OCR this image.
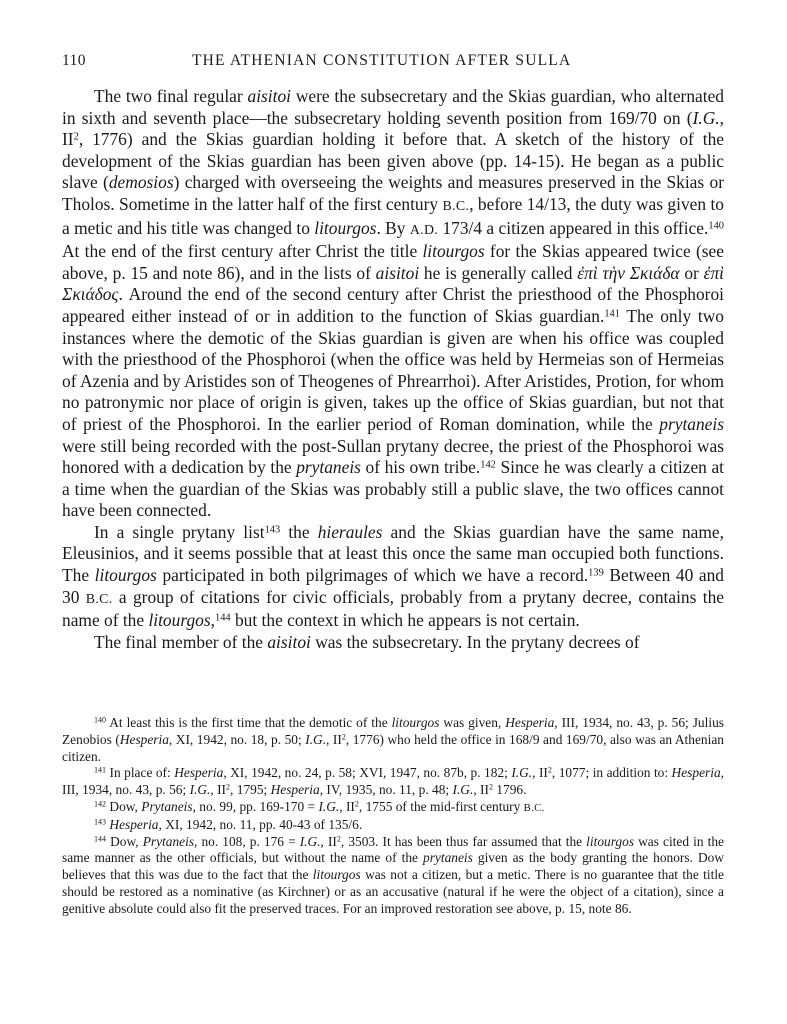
110	THE ATHENIAN CONSTITUTION AFTER SULLA

The two final regular aisitoi were the subsecretary and the Skias guardian, who alternated in sixth and seventh place—the subsecretary holding seventh position from 169/70 on (I.G., $II^2$, 1776) and the Skias guardian holding it before that. A sketch of the history of the development of the Skias guardian has been given above (pp. 14-15). He began as a public slave (demosios) charged with overseeing the weights and measures preserved in the Skias or Tholos. Sometime in the latter half of the first century B.C., before 14/13, the duty was given to a metic and his title was changed to litourgos. By A.D. 173/4 a citizen appeared in this office.$^{140}$ At the end of the first century after Christ the title litourgos for the Skias appeared twice (see above, p. 15 and note 86), and in the lists of aisitoi he is generally called ἐπὶ τὴν Σκιάδα or ἐπὶ Σκιάδος. Around the end of the second century after Christ the priesthood of the Phosphoroi appeared either instead of or in addition to the function of Skias guardian.$^{141}$ The only two instances where the demotic of the Skias guardian is given are when his office was coupled with the priesthood of the Phosphoroi (when the office was held by Hermeias son of Hermeias of Azenia and by Aristides son of Theogenes of Phrearrhoi). After Aristides, Protion, for whom no patronymic nor place of origin is given, takes up the office of Skias guardian, but not that of priest of the Phosphoroi. In the earlier period of Roman domination, while the prytaneis were still being recorded with the post-Sullan prytany decree, the priest of the Phosphoroi was honored with a dedication by the prytaneis of his own tribe.$^{142}$ Since he was clearly a citizen at a time when the guardian of the Skias was probably still a public slave, the two offices cannot have been connected.

In a single prytany list$^{143}$ the hieraules and the Skias guardian have the same name, Eleusinios, and it seems possible that at least this once the same man occupied both functions. The litourgos participated in both pilgrimages of which we have a record.$^{139}$ Between 40 and 30 B.C. a group of citations for civic officials, probably from a prytany decree, contains the name of the litourgos,$^{144}$ but the context in which he appears is not certain.

The final member of the aisitoi was the subsecretary. In the prytany decrees of

$^{140}$ At least this is the first time that the demotic of the litourgos was given, Hesperia, III, 1934, no. 43, p. 56; Julius Zenobios (Hesperia, XI, 1942, no. 18, p. 50; I.G., $II^2$, 1776) who held the office in 168/9 and 169/70, also was an Athenian citizen.

$^{141}$ In place of: Hesperia, XI, 1942, no. 24, p. 58; XVI, 1947, no. 87b, p. 182; I.G., $II^2$, 1077; in addition to: Hesperia, III, 1934, no. 43, p. 56; I.G., $II^2$, 1795; Hesperia, IV, 1935, no. 11, p. 48; I.G., $II^2$ 1796.

$^{142}$ Dow, Prytaneis, no. 99, pp. 169-170 = I.G., $II^2$, 1755 of the mid-first century B.C.

$^{143}$ Hesperia, XI, 1942, no. 11, pp. 40-43 of 135/6.

$^{144}$ Dow, Prytaneis, no. 108, p. 176 = I.G., $II^2$, 3503. It has been thus far assumed that the litourgos was cited in the same manner as the other officials, but without the name of the prytaneis given as the body granting the honors. Dow believes that this was due to the fact that the litourgos was not a citizen, but a metic. There is no guarantee that the title should be restored as a nominative (as Kirchner) or as an accusative (natural if he were the object of a citation), since a genitive absolute could also fit the preserved traces. For an improved restoration see above, p. 15, note 86.
